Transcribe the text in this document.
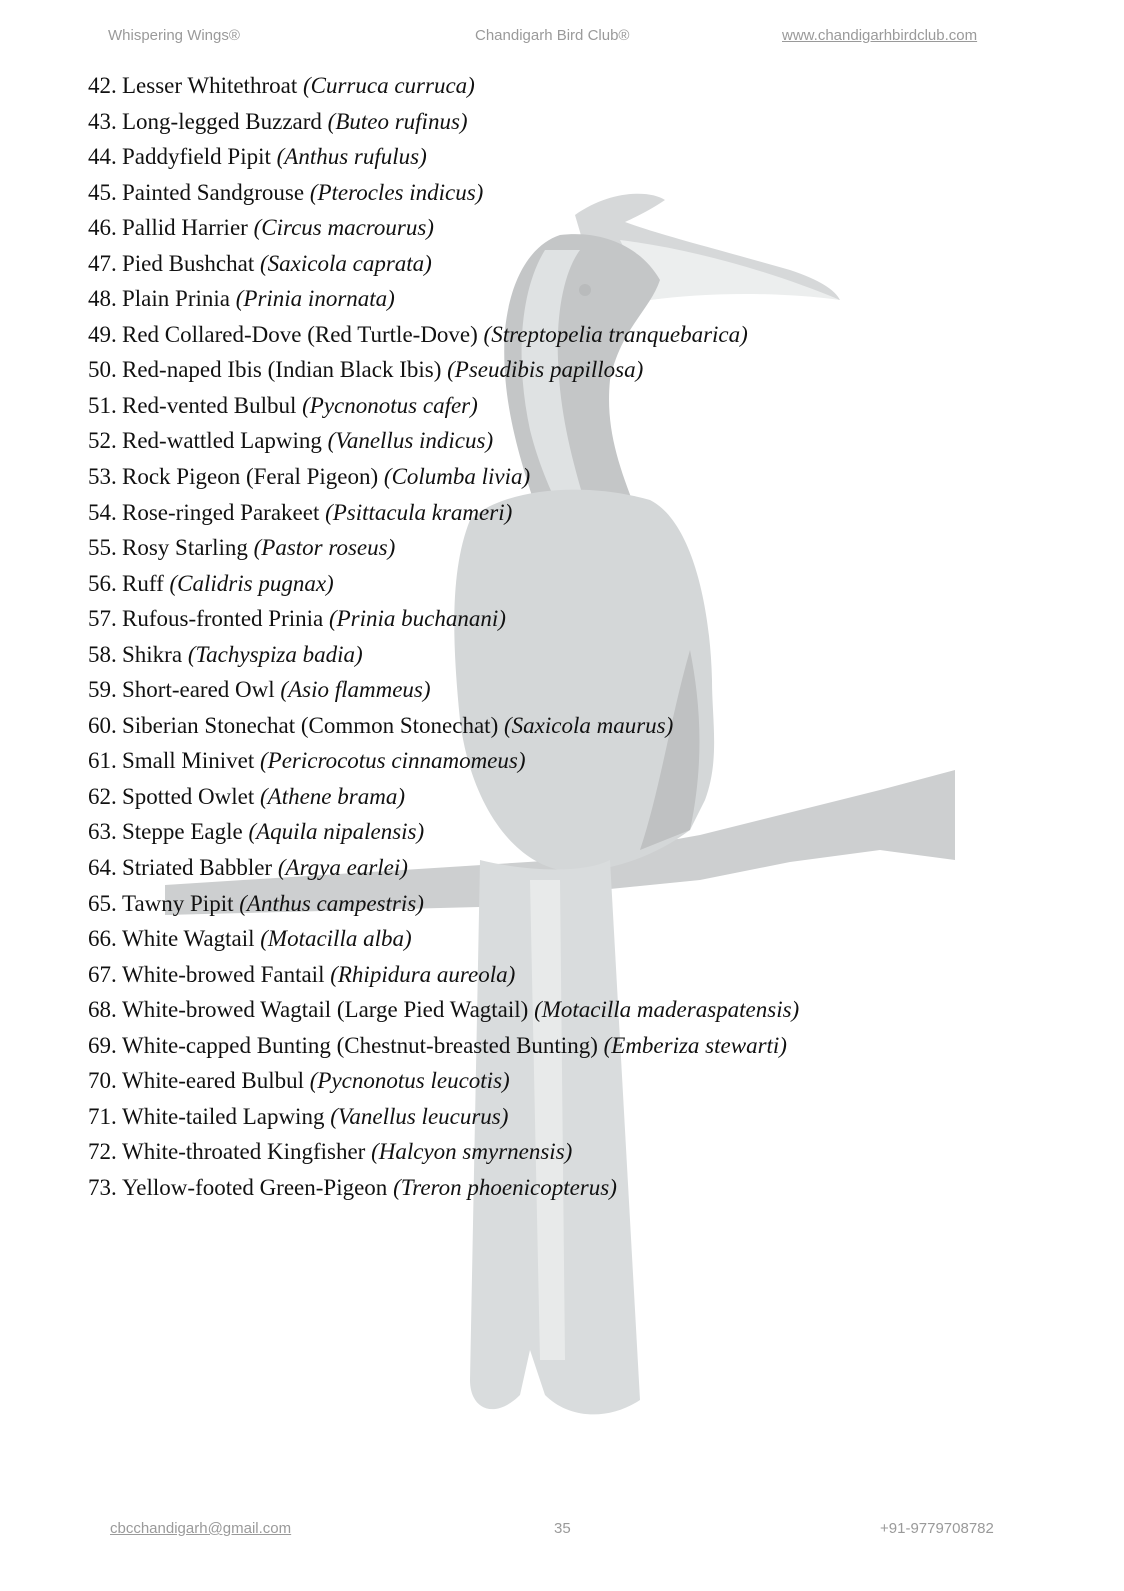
Whispering Wings®	Chandigarh Bird Club®	www.chandigarhbirdclub.com
42. Lesser Whitethroat (Curruca curruca)
43. Long-legged Buzzard (Buteo rufinus)
44. Paddyfield Pipit (Anthus rufulus)
45. Painted Sandgrouse (Pterocles indicus)
46. Pallid Harrier (Circus macrourus)
47. Pied Bushchat (Saxicola caprata)
48. Plain Prinia (Prinia inornata)
49. Red Collared-Dove (Red Turtle-Dove) (Streptopelia tranquebarica)
50. Red-naped Ibis (Indian Black Ibis) (Pseudibis papillosa)
51. Red-vented Bulbul (Pycnonotus cafer)
52. Red-wattled Lapwing (Vanellus indicus)
53. Rock Pigeon (Feral Pigeon) (Columba livia)
54. Rose-ringed Parakeet (Psittacula krameri)
55. Rosy Starling (Pastor roseus)
56. Ruff (Calidris pugnax)
57. Rufous-fronted Prinia (Prinia buchanani)
58. Shikra (Tachyspiza badia)
59. Short-eared Owl (Asio flammeus)
60. Siberian Stonechat (Common Stonechat) (Saxicola maurus)
61. Small Minivet (Pericrocotus cinnamomeus)
62. Spotted Owlet (Athene brama)
63. Steppe Eagle (Aquila nipalensis)
64. Striated Babbler (Argya earlei)
65. Tawny Pipit (Anthus campestris)
66. White Wagtail (Motacilla alba)
67. White-browed Fantail (Rhipidura aureola)
68. White-browed Wagtail (Large Pied Wagtail) (Motacilla maderaspatensis)
69. White-capped Bunting (Chestnut-breasted Bunting) (Emberiza stewarti)
70. White-eared Bulbul (Pycnonotus leucotis)
71. White-tailed Lapwing (Vanellus leucurus)
72. White-throated Kingfisher (Halcyon smyrnensis)
73. Yellow-footed Green-Pigeon (Treron phoenicopterus)
cbcchandigarh@gmail.com	35	+91-9779708782
